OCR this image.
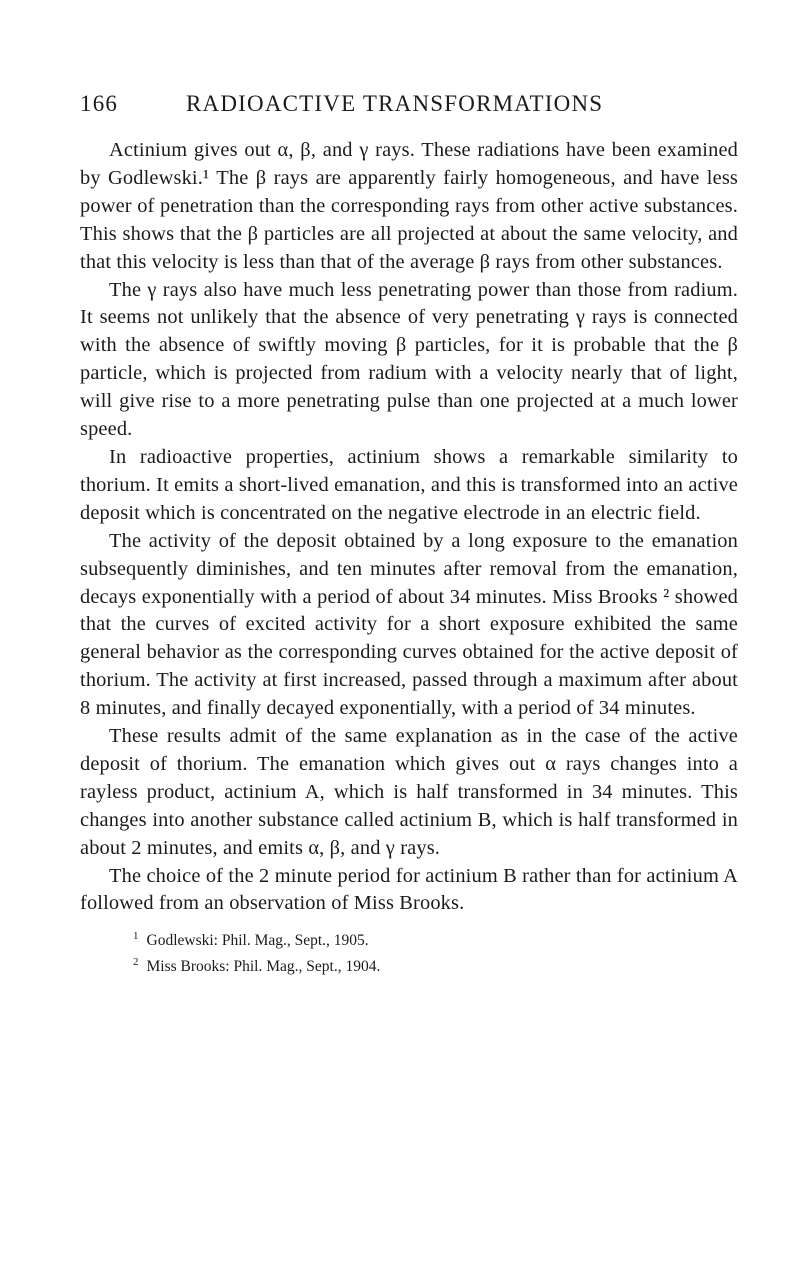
166	RADIOACTIVE TRANSFORMATIONS

Actinium gives out α, β, and γ rays. These radiations have been examined by Godlewski.¹ The β rays are apparently fairly homogeneous, and have less power of penetration than the corresponding rays from other active substances. This shows that the β particles are all projected at about the same velocity, and that this velocity is less than that of the average β rays from other substances.

The γ rays also have much less penetrating power than those from radium. It seems not unlikely that the absence of very penetrating γ rays is connected with the absence of swiftly moving β particles, for it is probable that the β particle, which is projected from radium with a velocity nearly that of light, will give rise to a more penetrating pulse than one projected at a much lower speed.

In radioactive properties, actinium shows a remarkable similarity to thorium. It emits a short-lived emanation, and this is transformed into an active deposit which is concentrated on the negative electrode in an electric field.

The activity of the deposit obtained by a long exposure to the emanation subsequently diminishes, and ten minutes after removal from the emanation, decays exponentially with a period of about 34 minutes. Miss Brooks ² showed that the curves of excited activity for a short exposure exhibited the same general behavior as the corresponding curves obtained for the active deposit of thorium. The activity at first increased, passed through a maximum after about 8 minutes, and finally decayed exponentially, with a period of 34 minutes.

These results admit of the same explanation as in the case of the active deposit of thorium. The emanation which gives out α rays changes into a rayless product, actinium A, which is half transformed in 34 minutes. This changes into another substance called actinium B, which is half transformed in about 2 minutes, and emits α, β, and γ rays.

The choice of the 2 minute period for actinium B rather than for actinium A followed from an observation of Miss Brooks.

$^1$ Godlewski: Phil. Mag., Sept., 1905.
$^2$ Miss Brooks: Phil. Mag., Sept., 1904.
